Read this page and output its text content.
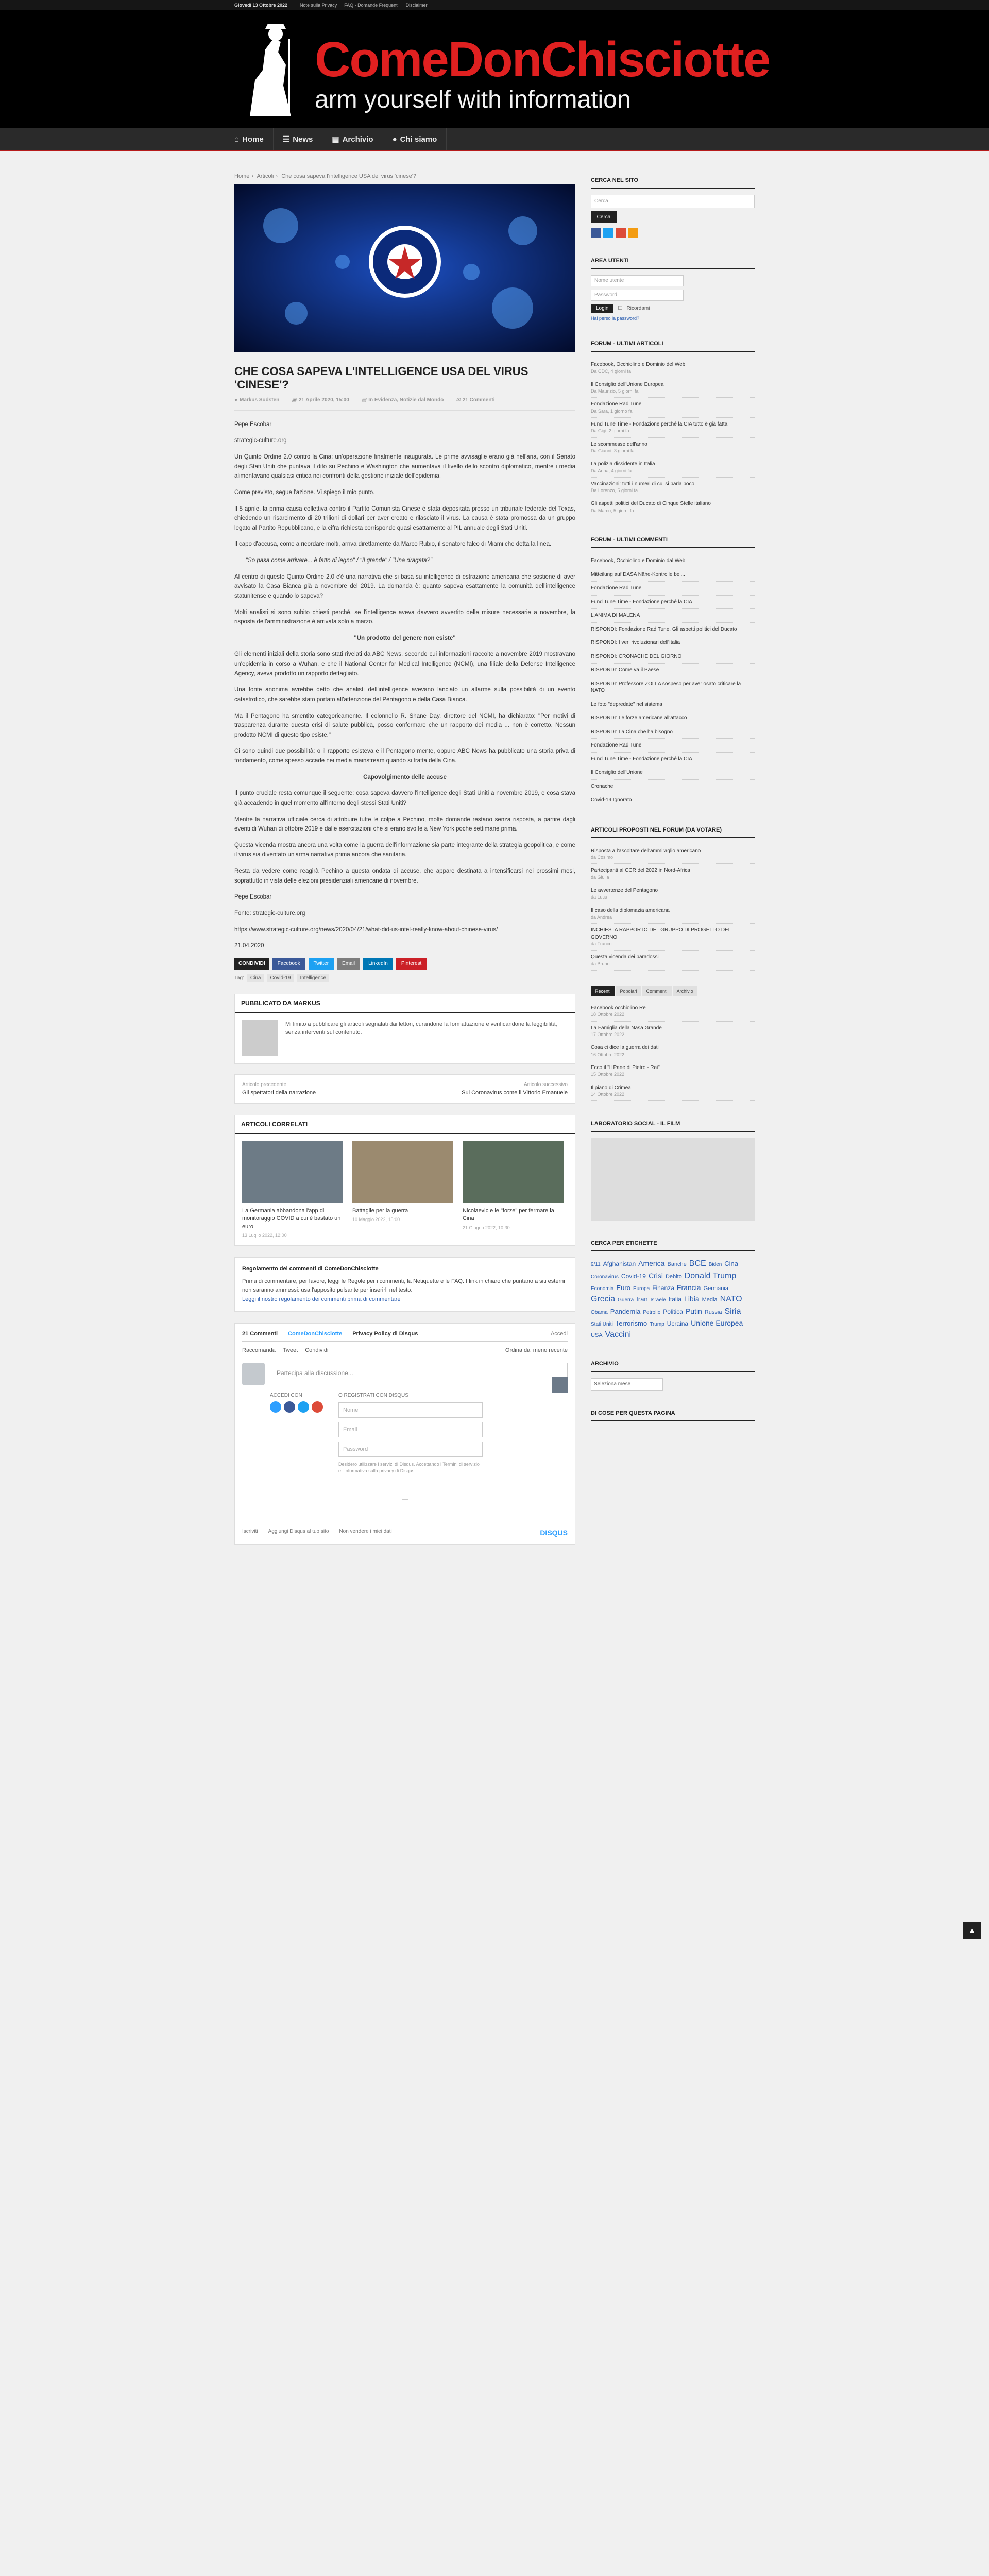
Giovedì 13 Ottobre 2022	Note sulla Privacy FAQ - Domande Frequenti Disclaimer
ComeDonChisciotte
arm yourself with information
⌂ Home ☰ News ▦ Archivio ● Chi siamo
Home › Articoli › Che cosa sapeva l'intelligence USA del virus 'cinese'?
CHE COSA SAPEVA L'INTELLIGENCE USA DEL VIRUS 'CINESE'?
● Markus Sudsten ▣ 21 Aprile 2020, 15:00 ▤ In Evidenza, Notizie dal Mondo ✉ 21 Commenti

Pepe Escobar

strategic-culture.org

Un Quinto Ordine 2.0 contro la Cina: un'operazione finalmente inaugurata. Le prime avvisaglie erano già nell'aria, con il Senato degli Stati Uniti che puntava il dito su Pechino e Washington che aumentava il livello dello scontro diplomatico, mentre i media alimentavano qualsiasi critica nei confronti della gestione iniziale dell'epidemia.

Come previsto, segue l'azione. Vi spiego il mio punto.

Il 5 aprile, la prima causa collettiva contro il Partito Comunista Cinese è stata depositata presso un tribunale federale del Texas, chiedendo un risarcimento di 20 trilioni di dollari per aver creato e rilasciato il virus. La causa è stata promossa da un gruppo legato al Partito Repubblicano, e la cifra richiesta corrisponde quasi esattamente al PIL annuale degli Stati Uniti.

Il capo d'accusa, come a ricordare molti, arriva direttamente da Marco Rubio, il senatore falco di Miami che detta la linea.

"So pasa come arrivare... è fatto di legno" / "Il grande" / "Una dragata?"

Al centro di questo Quinto Ordine 2.0 c'è una narrativa che si basa su intelligence di estrazione americana che sostiene di aver avvisato la Casa Bianca già a novembre del 2019. La domanda è: quanto sapeva esattamente la comunità dell'intelligence statunitense e quando lo sapeva?

Molti analisti si sono subito chiesti perché, se l'intelligence aveva davvero avvertito delle misure necessarie a novembre, la risposta dell'amministrazione è arrivata solo a marzo.

"Un prodotto del genere non esiste"

Gli elementi iniziali della storia sono stati rivelati da ABC News, secondo cui informazioni raccolte a novembre 2019 mostravano un'epidemia in corso a Wuhan, e che il National Center for Medical Intelligence (NCMI), una filiale della Defense Intelligence Agency, aveva prodotto un rapporto dettagliato.

Una fonte anonima avrebbe detto che analisti dell'intelligence avevano lanciato un allarme sulla possibilità di un evento catastrofico, che sarebbe stato portato all'attenzione del Pentagono e della Casa Bianca.

Ma il Pentagono ha smentito categoricamente. Il colonnello R. Shane Day, direttore del NCMI, ha dichiarato: "Per motivi di trasparenza durante questa crisi di salute pubblica, posso confermare che un rapporto dei media ... non è corretto. Nessun prodotto NCMI di questo tipo esiste."

Ci sono quindi due possibilità: o il rapporto esisteva e il Pentagono mente, oppure ABC News ha pubblicato una storia priva di fondamento, come spesso accade nei media mainstream quando si tratta della Cina.

Capovolgimento delle accuse

Il punto cruciale resta comunque il seguente: cosa sapeva davvero l'intelligence degli Stati Uniti a novembre 2019, e cosa stava già accadendo in quel momento all'interno degli stessi Stati Uniti?

Mentre la narrativa ufficiale cerca di attribuire tutte le colpe a Pechino, molte domande restano senza risposta, a partire dagli eventi di Wuhan di ottobre 2019 e dalle esercitazioni che si erano svolte a New York poche settimane prima.

Questa vicenda mostra ancora una volta come la guerra dell'informazione sia parte integrante della strategia geopolitica, e come il virus sia diventato un'arma narrativa prima ancora che sanitaria.

Resta da vedere come reagirà Pechino a questa ondata di accuse, che appare destinata a intensificarsi nei prossimi mesi, soprattutto in vista delle elezioni presidenziali americane di novembre.

Pepe Escobar

Fonte: strategic-culture.org

https://www.strategic-culture.org/news/2020/04/21/what-did-us-intel-really-know-about-chinese-virus/

21.04.2020

CONDIVIDI	Facebook	Twitter	Email	LinkedIn	Pinterest
Tag:	Cina	Covid-19	Intelligence
PUBBLICATO DA MARKUS
Mi limito a pubblicare gli articoli segnalati dai lettori, curandone la formattazione e verificandone la leggibilità, senza interventi sul contenuto.
Articolo precedente
Gli spettatori della narrazione
Articolo successivo
Sul Coronavirus come il Vittorio Emanuele
ARTICOLI CORRELATI
La Germania abbandona l'app di monitoraggio COVID a cui è bastato un euro
13 Luglio 2022, 12:00
Battaglie per la guerra
10 Maggio 2022, 15:00
Nicolaevic e le "forze" per fermare la Cina
21 Giugno 2022, 10:30
Regolamento dei commenti di ComeDonChisciotte
Prima di commentare, per favore, leggi le Regole per i commenti, la Netiquette e le FAQ. I link in chiaro che puntano a siti esterni non saranno ammessi: usa l'apposito pulsante per inserirli nel testo.
Leggi il nostro regolamento dei commenti prima di commentare
21 Commenti ComeDonChisciotte Privacy Policy di Disqus	Accedi
Raccomanda Tweet Condividi	Ordina dal meno recente
Partecipa alla discussione...
ACCEDI CON	O REGISTRATI CON DISQUS
Nome
Email
Password
Desidero utilizzare i servizi di Disqus. Accettando i Termini di servizio e l'Informativa sulla privacy di Disqus.
—
Iscriviti Aggiungi Disqus al tuo sito Non vendere i miei dati	DISQUS
CERCA NEL SITO
Cerca
Cerca
AREA UTENTI
Nome utente
Password
Login	☐ Ricordami
Hai perso la password?
FORUM - ULTIMI ARTICOLI
Facebook, Occhiolino e Dominio del Web
Da CDC, 4 giorni fa
Il Consiglio dell'Unione Europea
Da Maurizio, 5 giorni fa
Fondazione Rad Tune
Da Sara, 1 giorno fa
Fund Tune Time - Fondazione perché la CIA tutto è già fatta
Da Gigi, 2 giorni fa
Le scommesse dell'anno
Da Gianni, 3 giorni fa
La polizia dissidente in Italia
Da Anna, 4 giorni fa
Vaccinazioni: tutti i numeri di cui si parla poco
Da Lorenzo, 5 giorni fa
Gli aspetti politici del Ducato di Cinque Stelle italiano
Da Marco, 5 giorni fa
FORUM - ULTIMI COMMENTI
Facebook, Occhiolino e Dominio dal Web
Mitteilung auf DASA Nähe-Kontrolle bei...
Fondazione Rad Tune
Fund Tune Time - Fondazione perché la CIA
L'ANIMA DI MALENA
RISPONDI: Fondazione Rad Tune. Gli aspetti politici del Ducato
RISPONDI: I veri rivoluzionari dell'Italia
RISPONDI: CRONACHE DEL GIORNO
RISPONDI: Come va il Paese
RISPONDI: Professore ZOLLA sospeso per aver osato criticare la NATO
Le foto "depredate" nel sistema
RISPONDI: Le forze americane all'attacco
RISPONDI: La Cina che ha bisogno
Fondazione Rad Tune
Fund Tune Time - Fondazione perché la CIA
Il Consiglio dell'Unione
Cronache
Covid-19 Ignorato
ARTICOLI PROPOSTI NEL FORUM (DA VOTARE)
Risposta a l'ascoltare dell'ammiraglio americano
da Cosimo
Partecipanti al CCR del 2022 in Nord-Africa
da Giulia
Le avvertenze del Pentagono
da Luca
Il caso della diplomazia americana
da Andrea
INCHIESTA RAPPORTO DEL GRUPPO DI PROGETTO DEL GOVERNO
da Franco
Questa vicenda dei paradossi
da Bruno
Recenti	Popolari	Commenti	Archivio
Facebook occhiolino Re
18 Ottobre 2022
La Famiglia della Nasa Grande
17 Ottobre 2022
Cosa ci dice la guerra dei dati
16 Ottobre 2022
Ecco il "Il Pane di Pietro - Rai"
15 Ottobre 2022
Il piano di Crimea
14 Ottobre 2022
LABORATORIO SOCIAL - IL FILM
CERCA PER ETICHETTE
9/11 Afghanistan America Banche BCE Biden CinaCoronavirus Covid-19 Crisi Debito Donald TrumpEconomia Euro Europa Finanza Francia GermaniaGrecia Guerra Iran Israele Italia Libia Media NATOObama Pandemia Petrolio Politica Putin Russia SiriaStati Uniti Terrorismo Trump Ucraina Unione EuropeaUSA Vaccini
ARCHIVIO
Seleziona mese
DI COSE PER QUESTA PAGINA
▲
